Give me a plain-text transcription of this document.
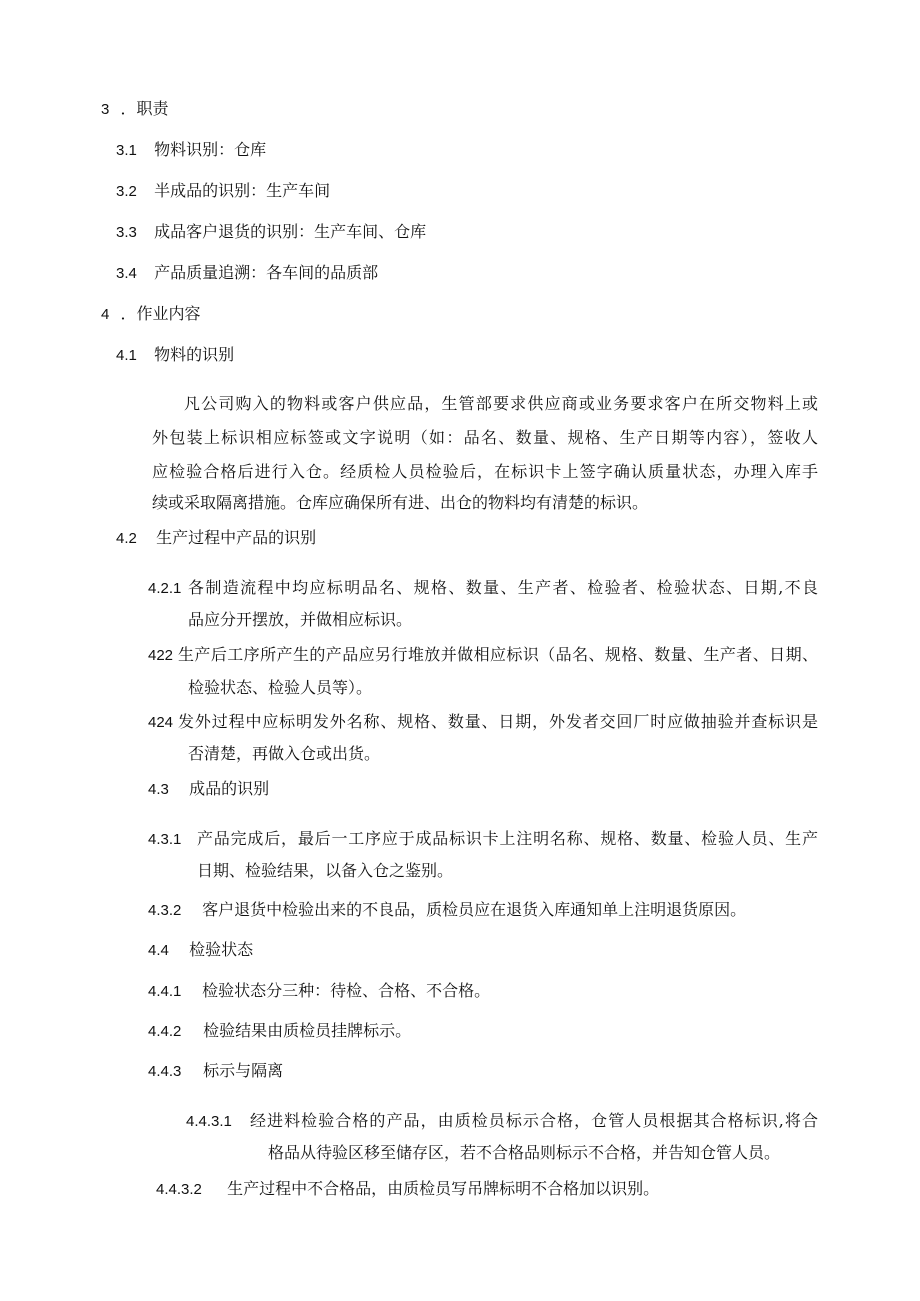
3 ．职责
3.1 物料识别：仓库
3.2 半成品的识别：生产车间
3.3 成品客户退货的识别：生产车间、仓库
3.4 产品质量追溯：各车间的品质部
4 ．作业内容
4.1 物料的识别
凡公司购入的物料或客户供应品，生管部要求供应商或业务要求客户在所交物料上或
外包装上标识相应标签或文字说明（如：品名、数量、规格、生产日期等内容），签收人
应检验合格后进行入仓。经质检人员检验后，在标识卡上签字确认质量状态，办理入库手
续或采取隔离措施。仓库应确保所有进、出仓的物料均有清楚的标识。
4.2 生产过程中产品的识别
4.2.1 各制造流程中均应标明品名、规格、数量、生产者、检验者、检验状态、日期,不良
品应分开摆放，并做相应标识。
422 生产后工序所产生的产品应另行堆放并做相应标识（品名、规格、数量、生产者、日期、
检验状态、检验人员等）。
424 发外过程中应标明发外名称、规格、数量、日期，外发者交回厂时应做抽验并查标识是
否清楚，再做入仓或出货。
4.3 成品的识别
4.3.1 产品完成后，最后一工序应于成品标识卡上注明名称、规格、数量、检验人员、生产
日期、检验结果，以备入仓之鉴别。
4.3.2 客户退货中检验出来的不良品，质检员应在退货入库通知单上注明退货原因。
4.4 检验状态
4.4.1 检验状态分三种：待检、合格、不合格。
4.4.2 检验结果由质检员挂牌标示。
4.4.3 标示与隔离
4.4.3.1 经进料检验合格的产品，由质检员标示合格，仓管人员根据其合格标识,将合
格品从待验区移至储存区，若不合格品则标示不合格，并告知仓管人员。
4.4.3.2 生产过程中不合格品，由质检员写吊牌标明不合格加以识别。
